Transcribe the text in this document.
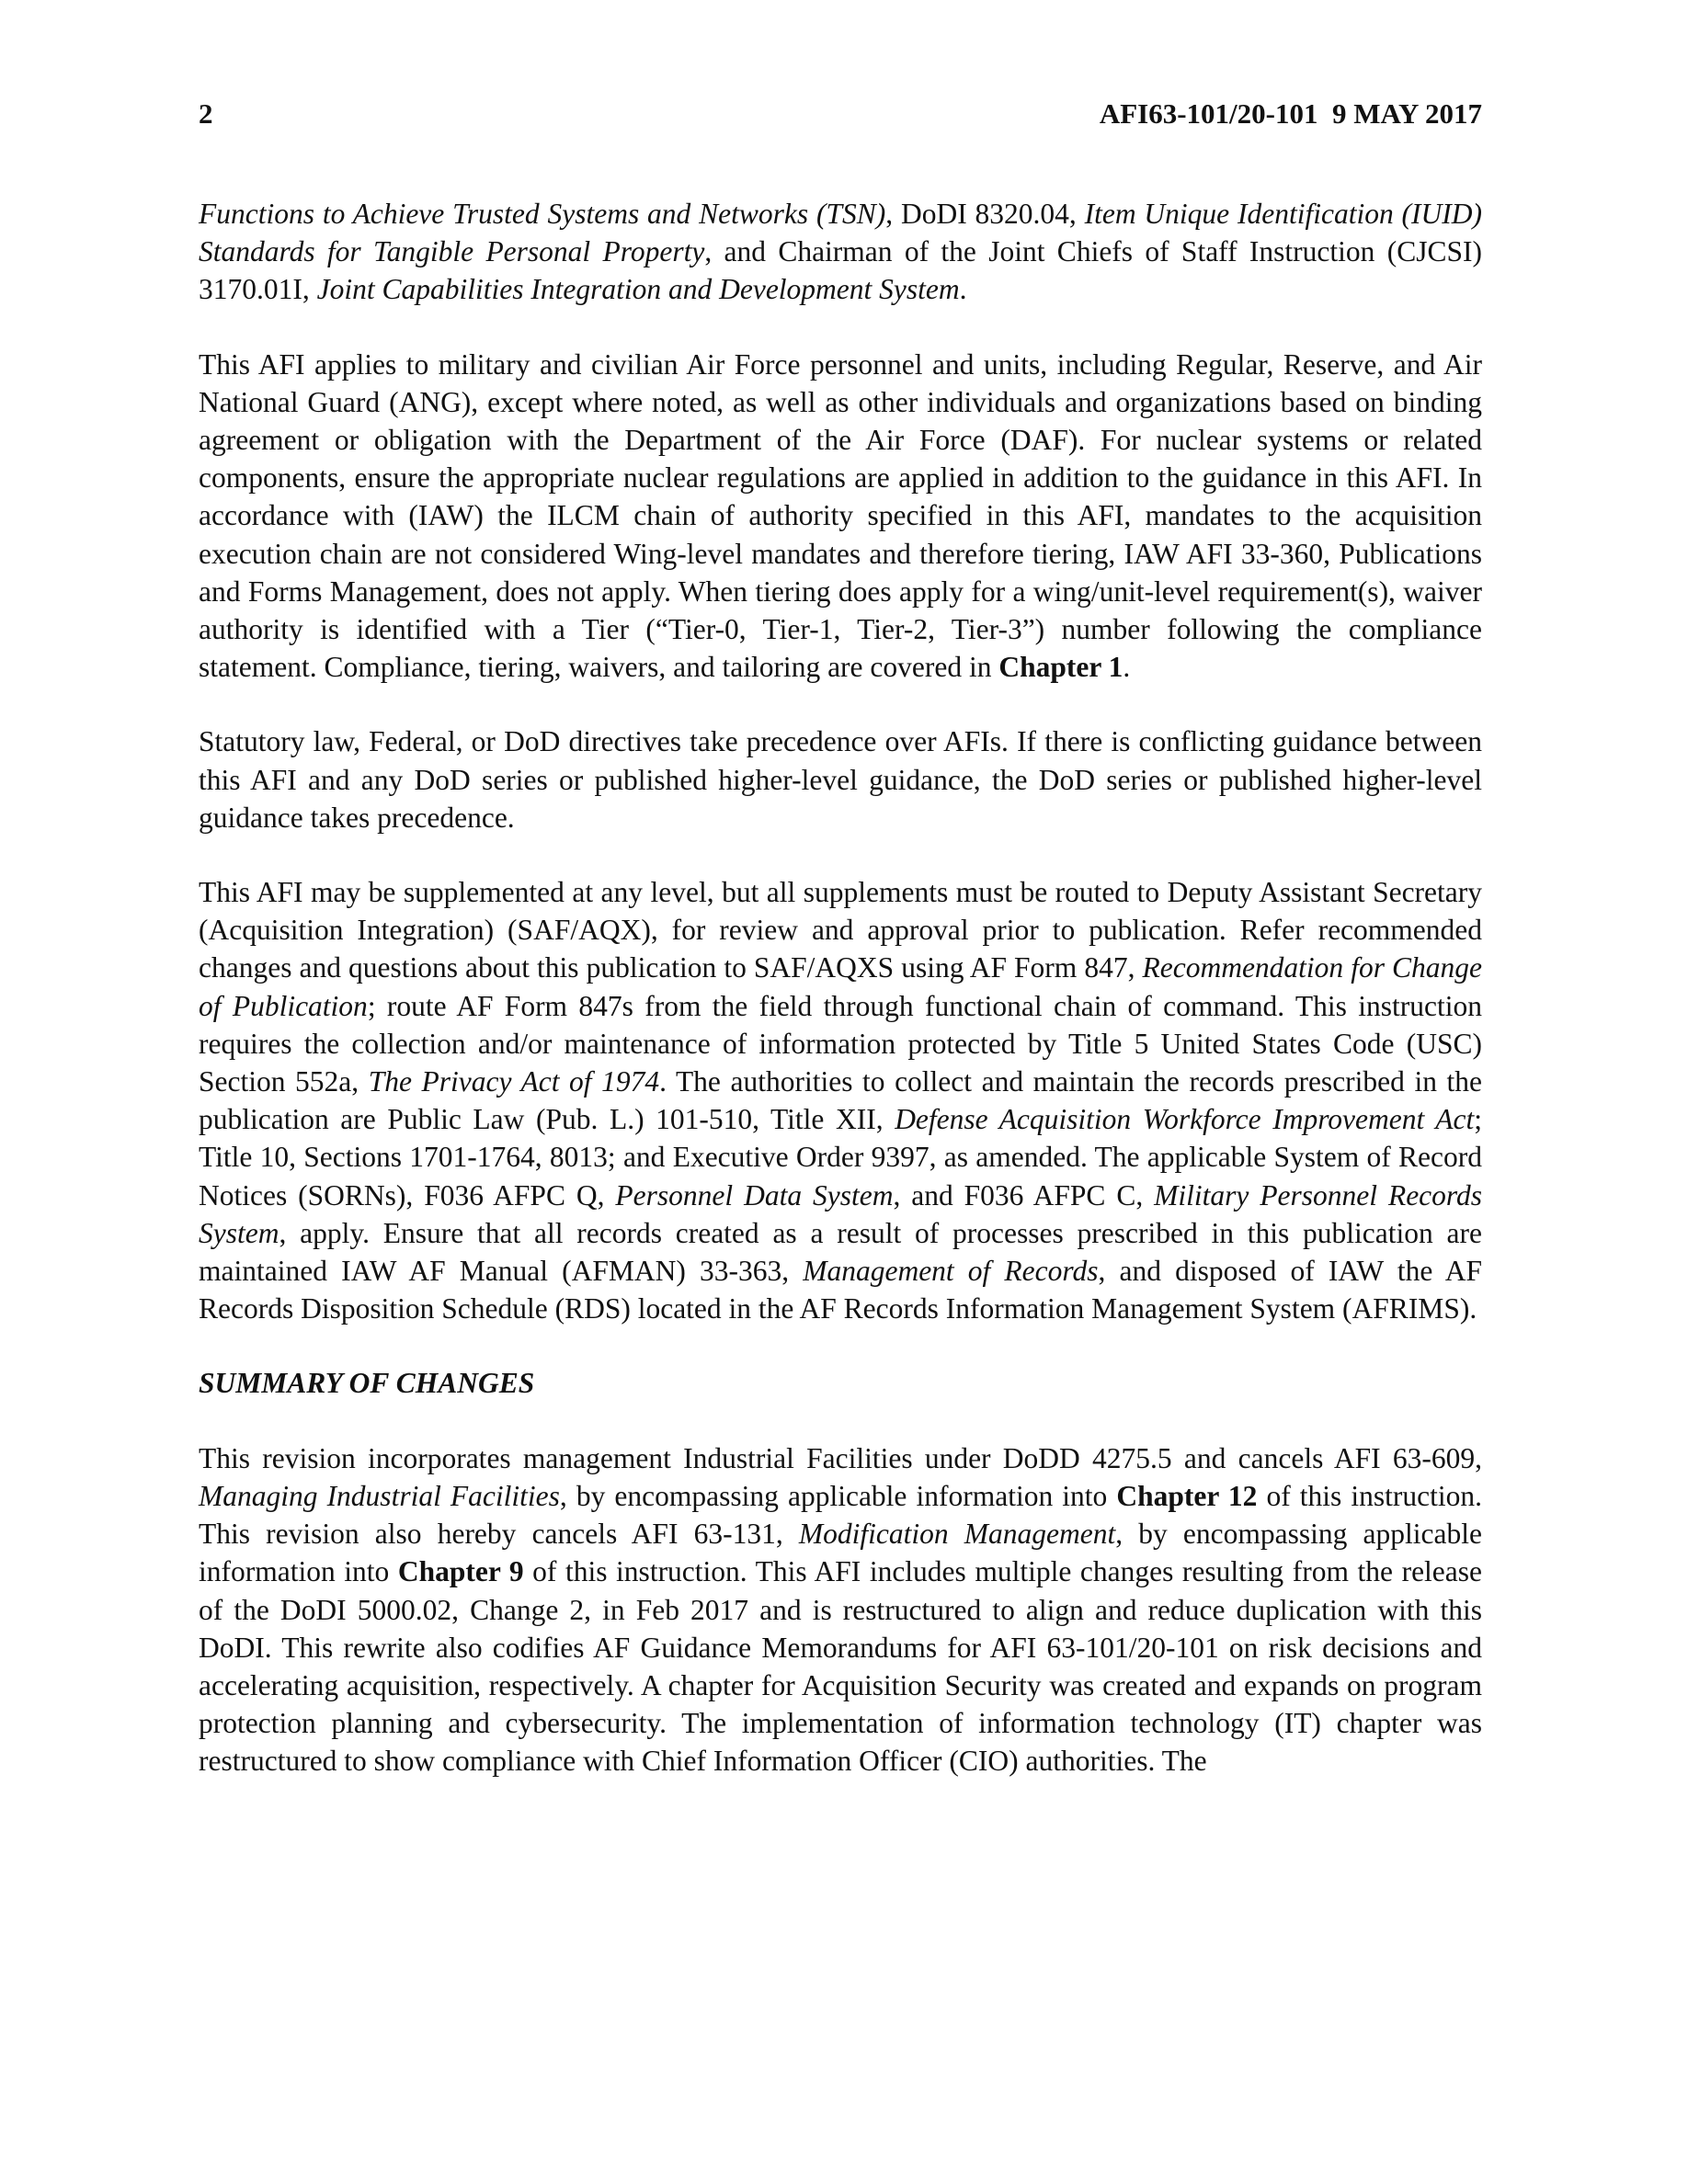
2	AFI63-101/20-101  9 MAY 2017

Functions to Achieve Trusted Systems and Networks (TSN), DoDI 8320.04, Item Unique Identification (IUID) Standards for Tangible Personal Property, and Chairman of the Joint Chiefs of Staff Instruction (CJCSI) 3170.01I, Joint Capabilities Integration and Development System.

This AFI applies to military and civilian Air Force personnel and units, including Regular, Reserve, and Air National Guard (ANG), except where noted, as well as other individuals and organizations based on binding agreement or obligation with the Department of the Air Force (DAF). For nuclear systems or related components, ensure the appropriate nuclear regulations are applied in addition to the guidance in this AFI. In accordance with (IAW) the ILCM chain of authority specified in this AFI, mandates to the acquisition execution chain are not considered Wing-level mandates and therefore tiering, IAW AFI 33-360, Publications and Forms Management, does not apply. When tiering does apply for a wing/unit-level requirement(s), waiver authority is identified with a Tier (“Tier-0, Tier-1, Tier-2, Tier-3”) number following the compliance statement. Compliance, tiering, waivers, and tailoring are covered in Chapter 1.

Statutory law, Federal, or DoD directives take precedence over AFIs. If there is conflicting guidance between this AFI and any DoD series or published higher-level guidance, the DoD series or published higher-level guidance takes precedence.

This AFI may be supplemented at any level, but all supplements must be routed to Deputy Assistant Secretary (Acquisition Integration) (SAF/AQX), for review and approval prior to publication. Refer recommended changes and questions about this publication to SAF/AQXS using AF Form 847, Recommendation for Change of Publication; route AF Form 847s from the field through functional chain of command. This instruction requires the collection and/or maintenance of information protected by Title 5 United States Code (USC) Section 552a, The Privacy Act of 1974. The authorities to collect and maintain the records prescribed in the publication are Public Law (Pub. L.) 101-510, Title XII, Defense Acquisition Workforce Improvement Act; Title 10, Sections 1701-1764, 8013; and Executive Order 9397, as amended. The applicable System of Record Notices (SORNs), F036 AFPC Q, Personnel Data System, and F036 AFPC C, Military Personnel Records System, apply. Ensure that all records created as a result of processes prescribed in this publication are maintained IAW AF Manual (AFMAN) 33-363, Management of Records, and disposed of IAW the AF Records Disposition Schedule (RDS) located in the AF Records Information Management System (AFRIMS).

SUMMARY OF CHANGES

This revision incorporates management Industrial Facilities under DoDD 4275.5 and cancels AFI 63-609, Managing Industrial Facilities, by encompassing applicable information into Chapter 12 of this instruction. This revision also hereby cancels AFI 63-131, Modification Management, by encompassing applicable information into Chapter 9 of this instruction. This AFI includes multiple changes resulting from the release of the DoDI 5000.02, Change 2, in Feb 2017 and is restructured to align and reduce duplication with this DoDI. This rewrite also codifies AF Guidance Memorandums for AFI 63-101/20-101 on risk decisions and accelerating acquisition, respectively. A chapter for Acquisition Security was created and expands on program protection planning and cybersecurity. The implementation of information technology (IT) chapter was restructured to show compliance with Chief Information Officer (CIO) authorities. The
